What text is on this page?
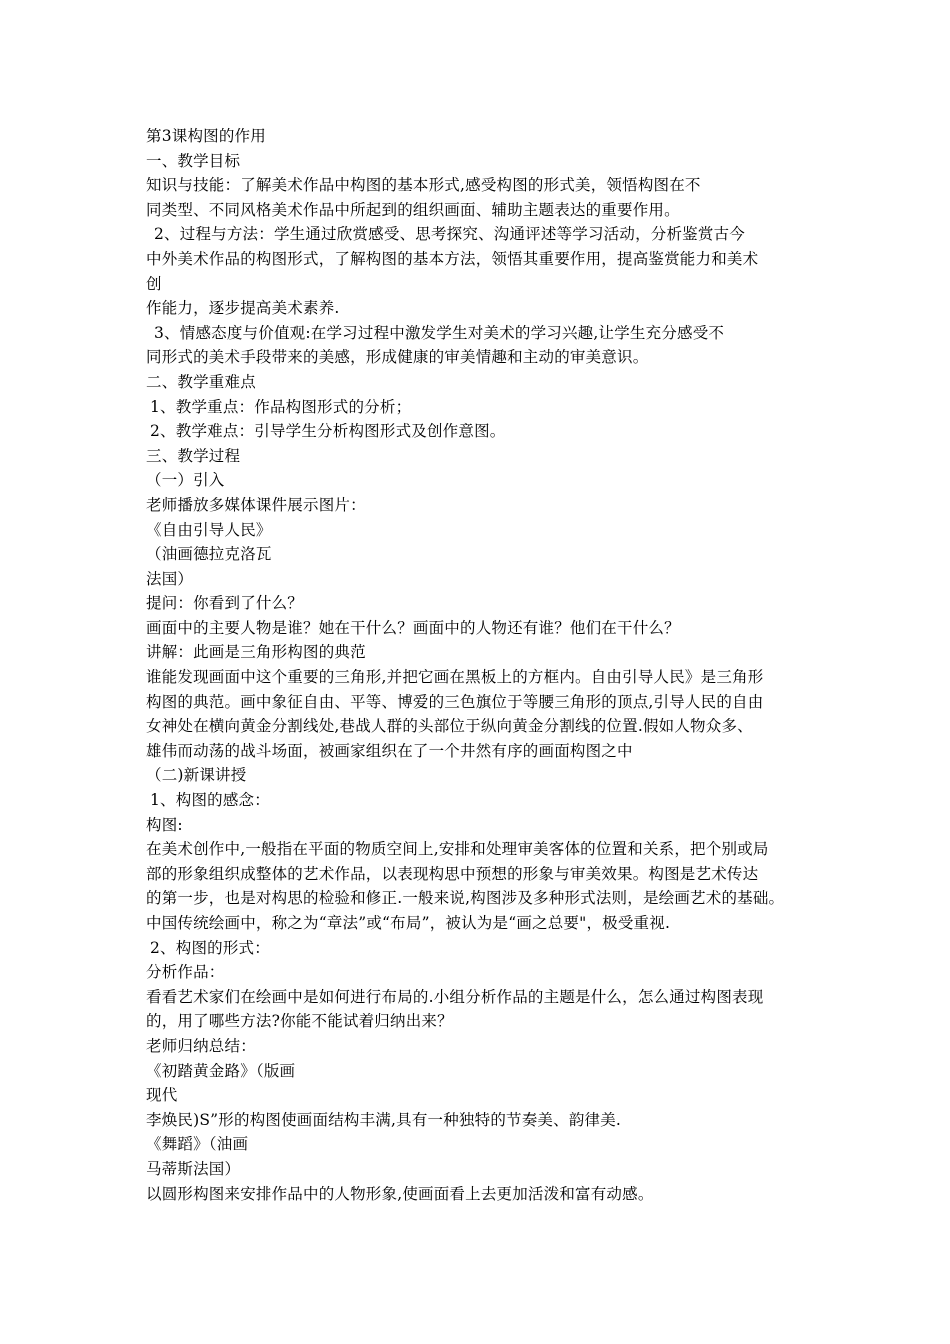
第3课构图的作用
一、教学目标
知识与技能：了解美术作品中构图的基本形式,感受构图的形式美，领悟构图在不
同类型、不同风格美术作品中所起到的组织画面、辅助主题表达的重要作用。
2、过程与方法：学生通过欣赏感受、思考探究、沟通评述等学习活动，分析鉴赏古今
中外美术作品的构图形式，了解构图的基本方法，领悟其重要作用，提高鉴赏能力和美术
创
作能力，逐步提高美术素养.
3、情感态度与价值观:在学习过程中激发学生对美术的学习兴趣,让学生充分感受不
同形式的美术手段带来的美感，形成健康的审美情趣和主动的审美意识。
二、教学重难点
1、教学重点：作品构图形式的分析；
2、教学难点：引导学生分析构图形式及创作意图。
三、教学过程
（一）引入
老师播放多媒体课件展示图片：
《自由引导人民》
（油画德拉克洛瓦
法国）
提问：你看到了什么？
画面中的主要人物是谁？她在干什么？画面中的人物还有谁？他们在干什么？
讲解：此画是三角形构图的典范
谁能发现画面中这个重要的三角形,并把它画在黑板上的方框内。自由引导人民》是三角形
构图的典范。画中象征自由、平等、博爱的三色旗位于等腰三角形的顶点,引导人民的自由
女神处在横向黄金分割线处,巷战人群的头部位于纵向黄金分割线的位置.假如人物众多、
雄伟而动荡的战斗场面，被画家组织在了一个井然有序的画面构图之中
（二)新课讲授
1、构图的感念：
构图:
在美术创作中,一般指在平面的物质空间上,安排和处理审美客体的位置和关系，把个别或局
部的形象组织成整体的艺术作品，以表现构思中预想的形象与审美效果。构图是艺术传达
的第一步，也是对构思的检验和修正.一般来说,构图涉及多种形式法则，是绘画艺术的基础。
中国传统绘画中，称之为“章法”或“布局”，被认为是“画之总要"，极受重视.
2、构图的形式：
分析作品：
看看艺术家们在绘画中是如何进行布局的.小组分析作品的主题是什么，怎么通过构图表现
的，用了哪些方法?你能不能试着归纳出来？
老师归纳总结：
《初踏黄金路》（版画
现代
李焕民)S”形的构图使画面结构丰满,具有一种独特的节奏美、韵律美.
《舞蹈》（油画
马蒂斯法国）
以圆形构图来安排作品中的人物形象,使画面看上去更加活泼和富有动感。
